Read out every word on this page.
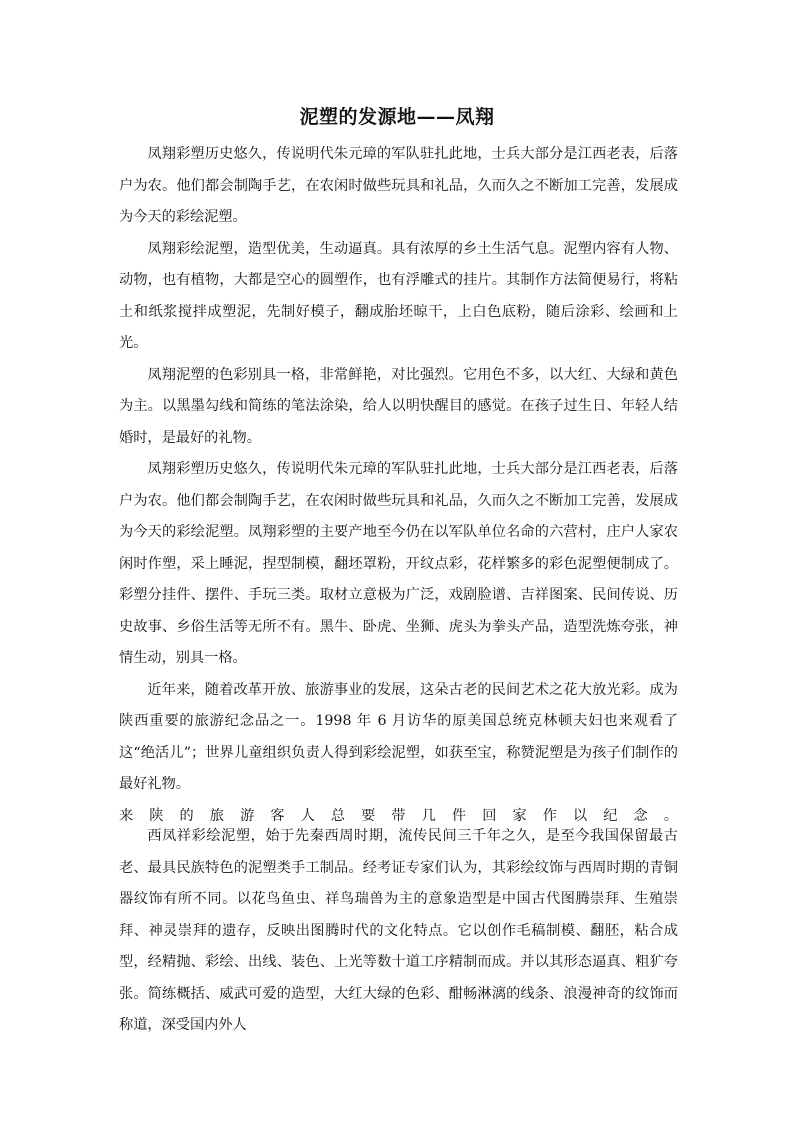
泥塑的发源地——凤翔

凤翔彩塑历史悠久，传说明代朱元璋的军队驻扎此地，士兵大部分是江西老表，后落户为农。他们都会制陶手艺，在农闲时做些玩具和礼品，久而久之不断加工完善，发展成为今天的彩绘泥塑。

凤翔彩绘泥塑，造型优美，生动逼真。具有浓厚的乡土生活气息。泥塑内容有人物、动物，也有植物，大都是空心的圆塑作，也有浮雕式的挂片。其制作方法简便易行，将粘土和纸浆搅拌成塑泥，先制好模子，翻成胎坯晾干，上白色底粉，随后涂彩、绘画和上光。

凤翔泥塑的色彩别具一格，非常鲜艳，对比强烈。它用色不多，以大红、大绿和黄色为主。以黑墨勾线和简练的笔法涂染，给人以明快醒目的感觉。在孩子过生日、年轻人结婚时，是最好的礼物。

凤翔彩塑历史悠久，传说明代朱元璋的军队驻扎此地，士兵大部分是江西老表，后落户为农。他们都会制陶手艺，在农闲时做些玩具和礼品，久而久之不断加工完善，发展成为今天的彩绘泥塑。凤翔彩塑的主要产地至今仍在以军队单位名命的六营村，庄户人家农闲时作塑，采上睡泥，捏型制模，翻坯罩粉，开纹点彩，花样繁多的彩色泥塑便制成了。彩塑分挂件、摆件、手玩三类。取材立意极为广泛，戏剧脸谱、吉祥图案、民间传说、历史故事、乡俗生活等无所不有。黑牛、卧虎、坐狮、虎头为拳头产品，造型洗炼夸张，神情生动，别具一格。

近年来，随着改革开放、旅游事业的发展，这朵古老的民间艺术之花大放光彩。成为陕西重要的旅游纪念品之一。1998 年 6 月访华的原美国总统克林顿夫妇也来观看了这“绝活儿”；世界儿童组织负责人得到彩绘泥塑，如获至宝，称赞泥塑是为孩子们制作的最好礼物。

来陕的旅游客人总要带几件回家作以纪念。

西凤祥彩绘泥塑，始于先秦西周时期，流传民间三千年之久，是至今我国保留最古老、最具民族特色的泥塑类手工制品。经考证专家们认为，其彩绘纹饰与西周时期的青铜器纹饰有所不同。以花鸟鱼虫、祥鸟瑞兽为主的意象造型是中国古代图腾崇拜、生殖崇拜、神灵崇拜的遗存，反映出图腾时代的文化特点。它以创作毛稿制模、翻胚，粘合成型，经精抛、彩绘、出线、装色、上光等数十道工序精制而成。并以其形态逼真、粗犷夸张。简练概括、威武可爱的造型，大红大绿的色彩、酣畅淋漓的线条、浪漫神奇的纹饰而称道，深受国内外人
